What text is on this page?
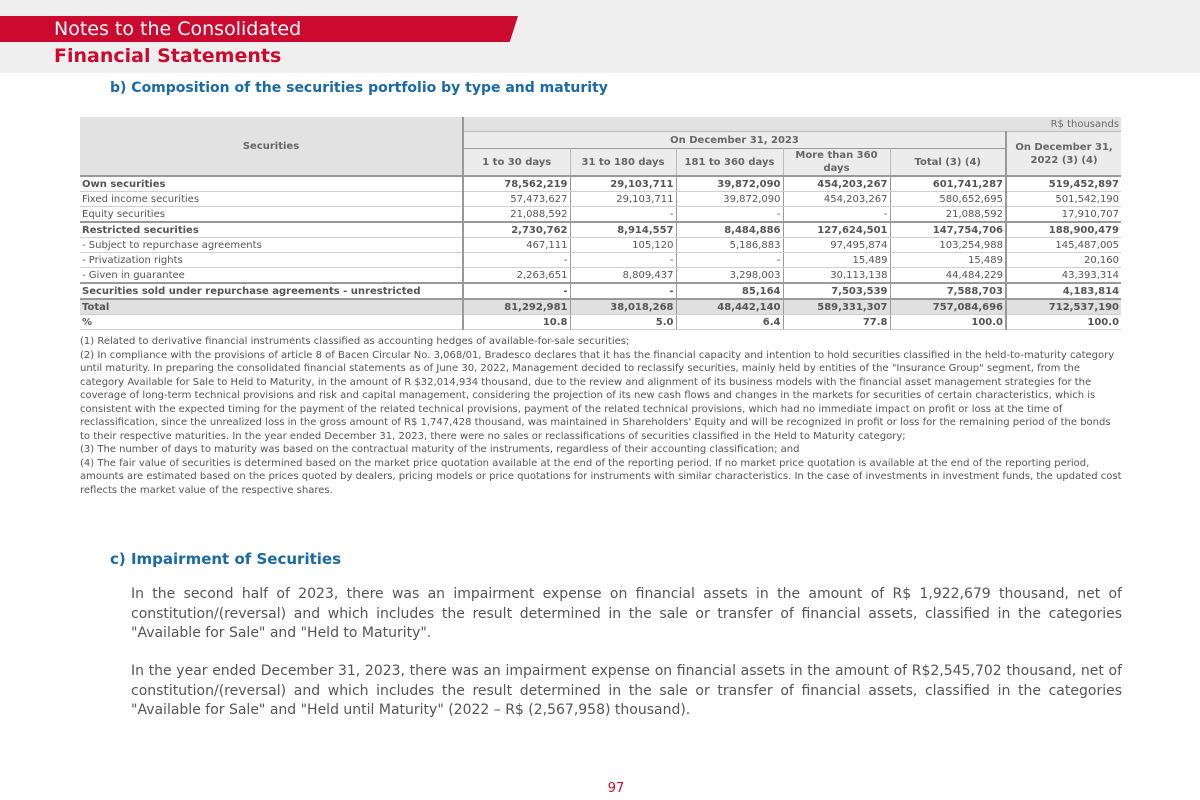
Notes to the Consolidated
Financial Statements
b) Composition of the securities portfolio by type and maturity
Securities	R$ thousands					
	On December 31, 2023					On December 31, 2022 (3) (4)
	1 to 30 days	31 to 180 days	181 to 360 days	More than 360 days	Total (3) (4)	
Own securities	78,562,219	29,103,711	39,872,090	454,203,267	601,741,287	519,452,897
Fixed income securities	57,473,627	29,103,711	39,872,090	454,203,267	580,652,695	501,542,190
Equity securities	21,088,592	-	-	-	21,088,592	17,910,707
Restricted securities	2,730,762	8,914,557	8,484,886	127,624,501	147,754,706	188,900,479
- Subject to repurchase agreements	467,111	105,120	5,186,883	97,495,874	103,254,988	145,487,005
- Privatization rights	-	-	-	15,489	15,489	20,160
- Given in guarantee	2,263,651	8,809,437	3,298,003	30,113,138	44,484,229	43,393,314
Securities sold under repurchase agreements - unrestricted	-	-	85,164	7,503,539	7,588,703	4,183,814
Total	81,292,981	38,018,268	48,442,140	589,331,307	757,084,696	712,537,190
%	10.8	5.0	6.4	77.8	100.0	100.0

(1) Related to derivative financial instruments classified as accounting hedges of available-for-sale securities;

(2) In compliance with the provisions of article 8 of Bacen Circular No. 3,068/01, Bradesco declares that it has the financial capacity and intention to hold securities classified in the held-to-maturity category until maturity. In preparing the consolidated financial statements as of June 30, 2022, Management decided to reclassify securities, mainly held by entities of the "Insurance Group" segment, from the category Available for Sale to Held to Maturity, in the amount of R $32,014,934 thousand, due to the review and alignment of its business models with the financial asset management strategies for the coverage of long-term technical provisions and risk and capital management, considering the projection of its new cash flows and changes in the markets for securities of certain characteristics, which is consistent with the expected timing for the payment of the related technical provisions, payment of the related technical provisions, which had no immediate impact on profit or loss at the time of reclassification, since the unrealized loss in the gross amount of R$ 1,747,428 thousand, was maintained in Shareholders' Equity and will be recognized in profit or loss for the remaining period of the bonds to their respective maturities. In the year ended December 31, 2023, there were no sales or reclassifications of securities classified in the Held to Maturity category;

(3) The number of days to maturity was based on the contractual maturity of the instruments, regardless of their accounting classification; and

(4) The fair value of securities is determined based on the market price quotation available at the end of the reporting period. If no market price quotation is available at the end of the reporting period, amounts are estimated based on the prices quoted by dealers, pricing models or price quotations for instruments with similar characteristics. In the case of investments in investment funds, the updated cost reflects the market value of the respective shares.

c) Impairment of Securities

In the second half of 2023, there was an impairment expense on financial assets in the amount of R$ 1,922,679 thousand, net of constitution/(reversal) and which includes the result determined in the sale or transfer of financial assets, classified in the categories "Available for Sale" and "Held to Maturity".

In the year ended December 31, 2023, there was an impairment expense on financial assets in the amount of R$2,545,702 thousand, net of constitution/(reversal) and which includes the result determined in the sale or transfer of financial assets, classified in the categories "Available for Sale" and "Held until Maturity" (2022 – R$ (2,567,958) thousand).

97
